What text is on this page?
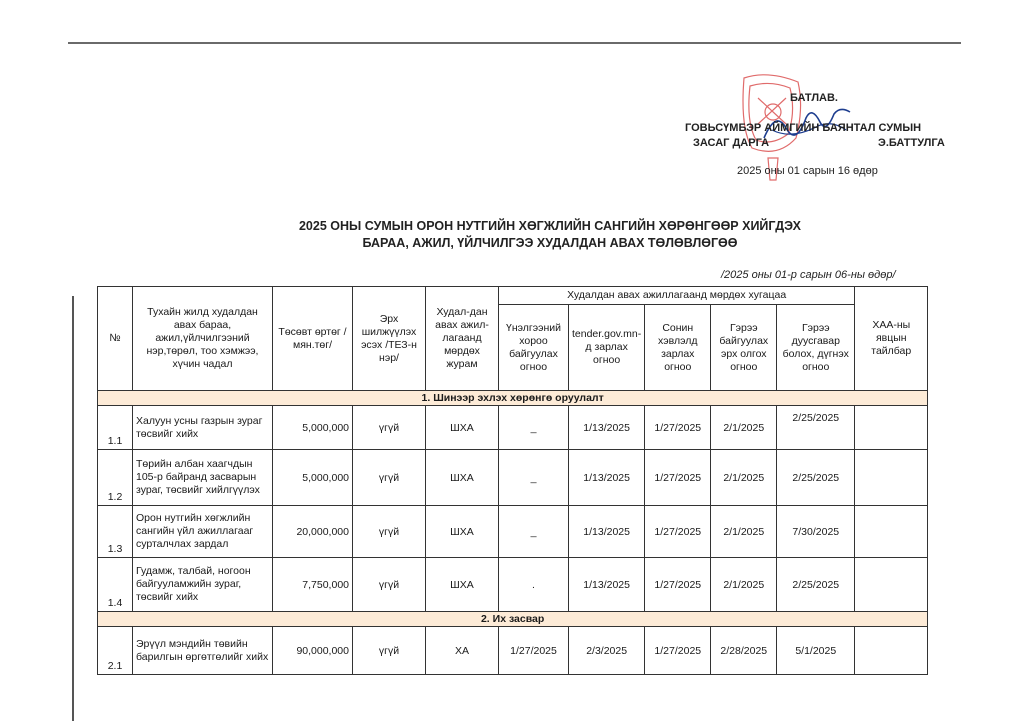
БАТЛАВ.
ГОВЬСҮМБЭР АЙМГИЙН БАЯНТАЛ СУМЫН
ЗАСАГ ДАРГА	Э.БАТТУЛГА
2025 оны 01 сарын 16 өдөр
2025 ОНЫ СУМЫН ОРОН НУТГИЙН ХӨГЖЛИЙН САНГИЙН ХӨРӨНГӨӨР ХИЙГДЭХ
БАРАА, АЖИЛ, ҮЙЛЧИЛГЭЭ ХУДАЛДАН АВАХ ТӨЛӨВЛӨГӨӨ
/2025 оны 01-р сарын 06-ны өдөр/
№	Тухайн жилд худалдан авах бараа, ажил,үйлчилгээний нэр,төрөл, тоо хэмжээ, хүчин чадал	Төсөвт өртөг /мян.төг/	Эрх шилжүүлэх эсэх /ТЕЗ-н нэр/	Худал-дан авах ажил-лагаанд мөрдөх журам	Худалдан авах ажиллагаанд мөрдөх хугацаа					ХАА-ны явцын тайлбар
					Үнэлгээний хороо байгуулах огноо	tender.gov.mn-д зарлах огноо	Сонин хэвлэлд зарлах огноо	Гэрээ байгуулах эрх олгох огноо	Гэрээ дуусгавар болох, дүгнэх огноо	
1. Шинээр эхлэх хөрөнгө оруулалт										
1.1	Халуун усны газрын зураг төсвийг хийх	5,000,000	үгүй	ШХА	_	1/13/2025	1/27/2025	2/1/2025	2/25/2025	
1.2	Төрийн албан хаагчдын 105-р байранд засварын зураг, төсвийг хийлгүүлэх	5,000,000	үгүй	ШХА	_	1/13/2025	1/27/2025	2/1/2025	2/25/2025	
1.3	Орон нутгийн хөгжлийн сангийн үйл ажиллагааг сурталчлах зардал	20,000,000	үгүй	ШХА	_	1/13/2025	1/27/2025	2/1/2025	7/30/2025	
1.4	Гудамж, талбай, ногоон байгууламжийн зураг, төсвийг хийх	7,750,000	үгүй	ШХА	.	1/13/2025	1/27/2025	2/1/2025	2/25/2025	
2. Их засвар										
2.1	Эрүүл мэндийн төвийн барилгын өргөтгөлийг хийх	90,000,000	үгүй	ХА	1/27/2025	2/3/2025	1/27/2025	2/28/2025	5/1/2025	
